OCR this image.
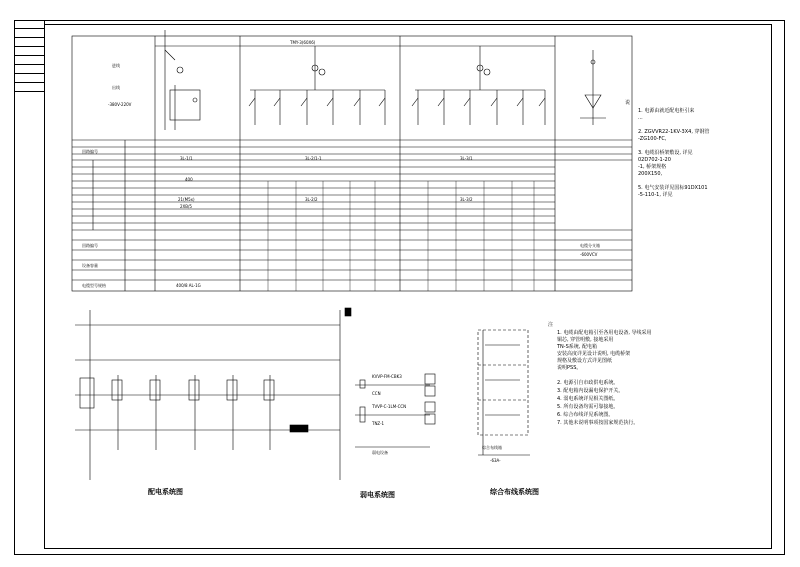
TMY-3(60X6)
进线
出线
-380V-220V
回路编号
3L-1/1
400
21(M5x)
2XB/5
400/8 AL-1G
3L-2/1-1
3L-2/2
3L-3/1
3L-3/2
回路编号
设备容量
电缆型号规格
电缆分支箱
-600VCV
说
1. 电源由就近配电柜引来
...
2. ZGVVR22-1KV-3X4, 穿钢管
-ZG100-FC,
3. 电缆沿桥架敷设, 详见
02D702-1-20
-1, 桥架规格
200X150,
5. 电气安装详见国标91DX101
-5-110-1, 详见
注
1. 电缆由配电箱引至各用电设备, 导线采用
铜芯, 穿管明敷, 接地采用
TN-S系统, 配电箱
安装高度详见设计说明, 电缆桥架
规格及敷设方式详见图纸
说明PSS。
2. 电源引自市政供电系统。
3. 配电箱内设漏电保护开关。
4. 弱电系统详见相关图纸。
5. 所有设备均需可靠接地。
6. 综合布线详见系统图。
7. 其他未说明事项按国家规范执行。
KVVP-FM-CBK3
CCN
TVVP-C-1LM-CCN
TNZ-1
弱电设备
综合布线箱
-63A-
配电系统图	弱电系统图	综合布线系统图
